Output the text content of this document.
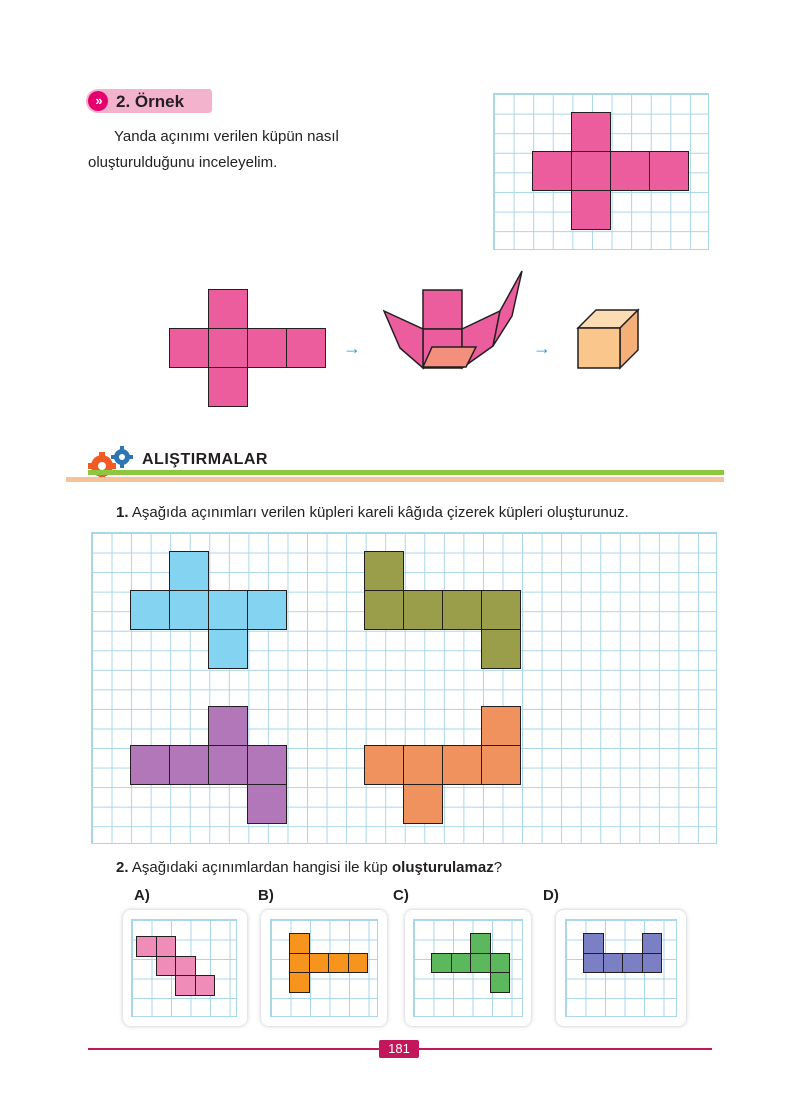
» 2. Örnek
Yanda açınımı verilen küpün nasıl
oluşturulduğunu inceleyelim.
→	→
ALIŞTIRMALAR
1. Aşağıda açınımları verilen küpleri kareli kâğıda çizerek küpleri oluşturunuz.
2. Aşağıdaki açınımlardan hangisi ile küp oluşturulamaz?
A)	B)	C)	D)
181
